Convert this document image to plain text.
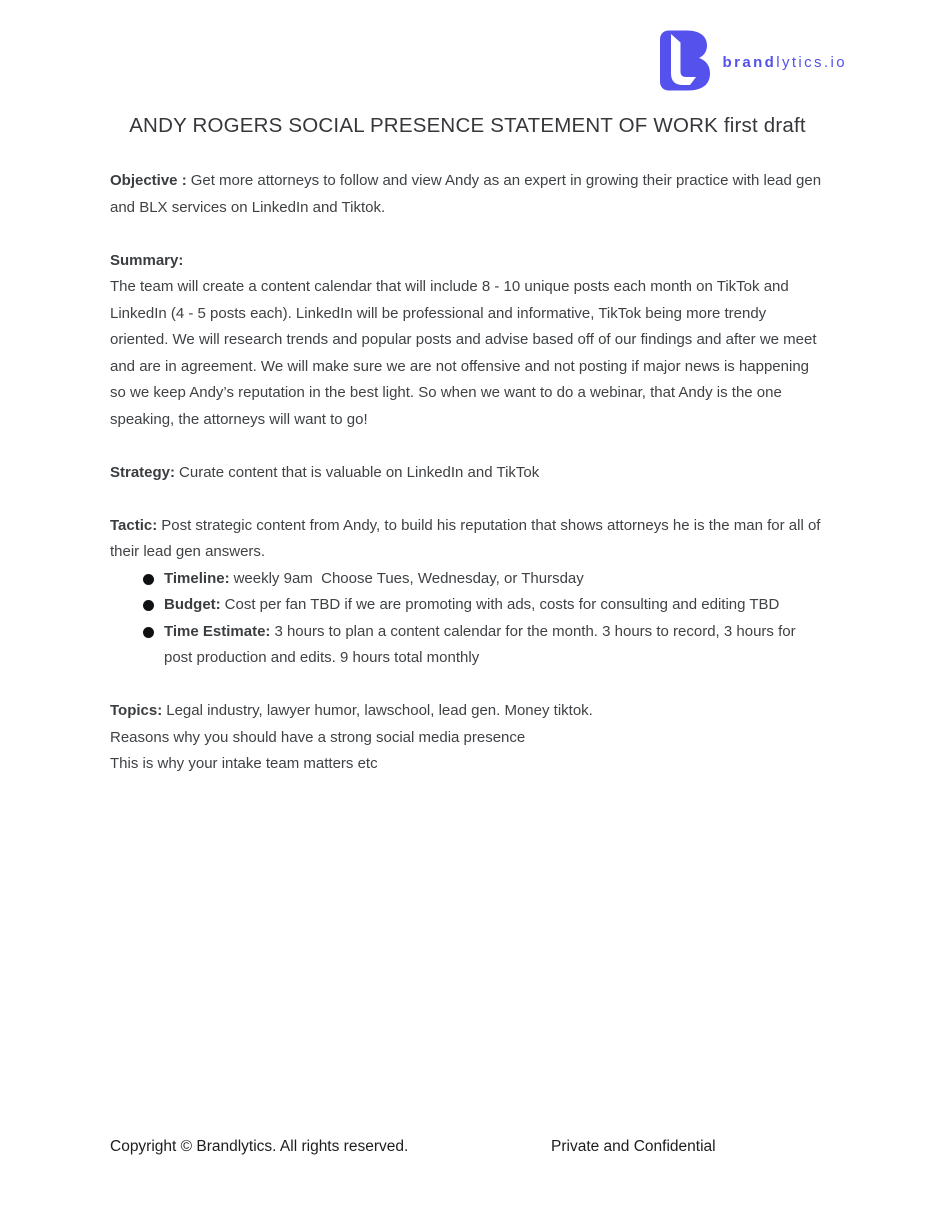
brandlytics.io
ANDY ROGERS SOCIAL PRESENCE STATEMENT OF WORK first draft

Objective : Get more attorneys to follow and view Andy as an expert in growing their practice with lead gen and BLX services on LinkedIn and Tiktok.

Summary:
The team will create a content calendar that will include 8 - 10 unique posts each month on TikTok and LinkedIn (4 - 5 posts each). LinkedIn will be professional and informative, TikTok being more trendy oriented. We will research trends and popular posts and advise based off of our findings and after we meet and are in agreement. We will make sure we are not offensive and not posting if major news is happening so we keep Andy’s reputation in the best light. So when we want to do a webinar, that Andy is the one speaking, the attorneys will want to go!

Strategy: Curate content that is valuable on LinkedIn and TikTok

Tactic: Post strategic content from Andy, to build his reputation that shows attorneys he is the man for all of their lead gen answers.

Timeline: weekly 9am  Choose Tues, Wednesday, or Thursday
Budget: Cost per fan TBD if we are promoting with ads, costs for consulting and editing TBD
Time Estimate: 3 hours to plan a content calendar for the month. 3 hours to record, 3 hours for post production and edits. 9 hours total monthly
Topics: Legal industry, lawyer humor, lawschool, lead gen. Money tiktok.
Reasons why you should have a strong social media presence
This is why your intake team matters etc
Copyright © Brandlytics. All rights reserved.	Private and Confidential
